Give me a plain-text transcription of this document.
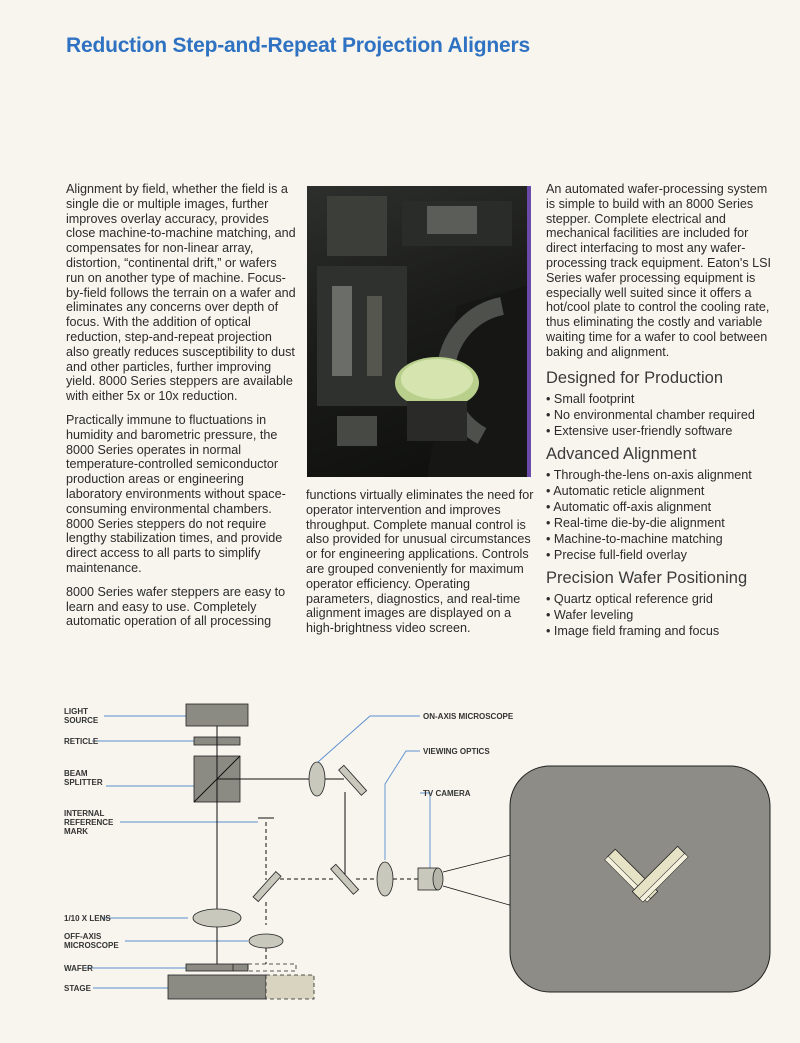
Reduction Step-and-Repeat Projection Aligners

Alignment by field, whether the field is a single die or multiple images, further improves overlay accuracy, provides close machine-to-machine matching, and compensates for non-linear array, distortion, “continental drift,” or wafers run on another type of machine. Focus-by-field follows the terrain on a wafer and eliminates any concerns over depth of focus. With the addition of optical reduction, step-and-repeat projection also greatly reduces susceptibility to dust and other particles, further improving yield. 8000 Series steppers are available with either 5x or 10x reduction.

Practically immune to fluctuations in humidity and barometric pressure, the 8000 Series operates in normal temperature-controlled semiconductor production areas or engineering laboratory environments without space-consuming environmental chambers. 8000 Series steppers do not require lengthy stabilization times, and provide direct access to all parts to simplify maintenance.

8000 Series wafer steppers are easy to learn and easy to use. Completely automatic operation of all processing

functions virtually eliminates the need for operator intervention and improves throughput. Complete manual control is also provided for unusual circumstances or for engineering applications. Controls are grouped conveniently for maximum operator efficiency. Operating parameters, diagnostics, and real-time alignment images are displayed on a high-brightness video screen.

An automated wafer-processing system is simple to build with an 8000 Series stepper. Complete electrical and mechanical facilities are included for direct interfacing to most any wafer-processing track equipment. Eaton's LSI Series wafer processing equipment is especially well suited since it offers a hot/cool plate to control the cooling rate, thus eliminating the costly and variable waiting time for a wafer to cool between baking and alignment.

Designed for Production
• Small footprint
• No environmental chamber required
• Extensive user-friendly software
Advanced Alignment
• Through-the-lens on-axis alignment
• Automatic reticle alignment
• Automatic off-axis alignment
• Real-time die-by-die alignment
• Machine-to-machine matching
• Precise full-field overlay
Precision Wafer Positioning
• Quartz optical reference grid
• Wafer leveling
• Image field framing and focus
LIGHT
SOURCE
RETICLE
BEAM
SPLITTER
INTERNAL
REFERENCE
MARK
1/10 X LENS
OFF-AXIS
MICROSCOPE
WAFER
STAGE
ON-AXIS MICROSCOPE
VIEWING OPTICS
TV CAMERA
